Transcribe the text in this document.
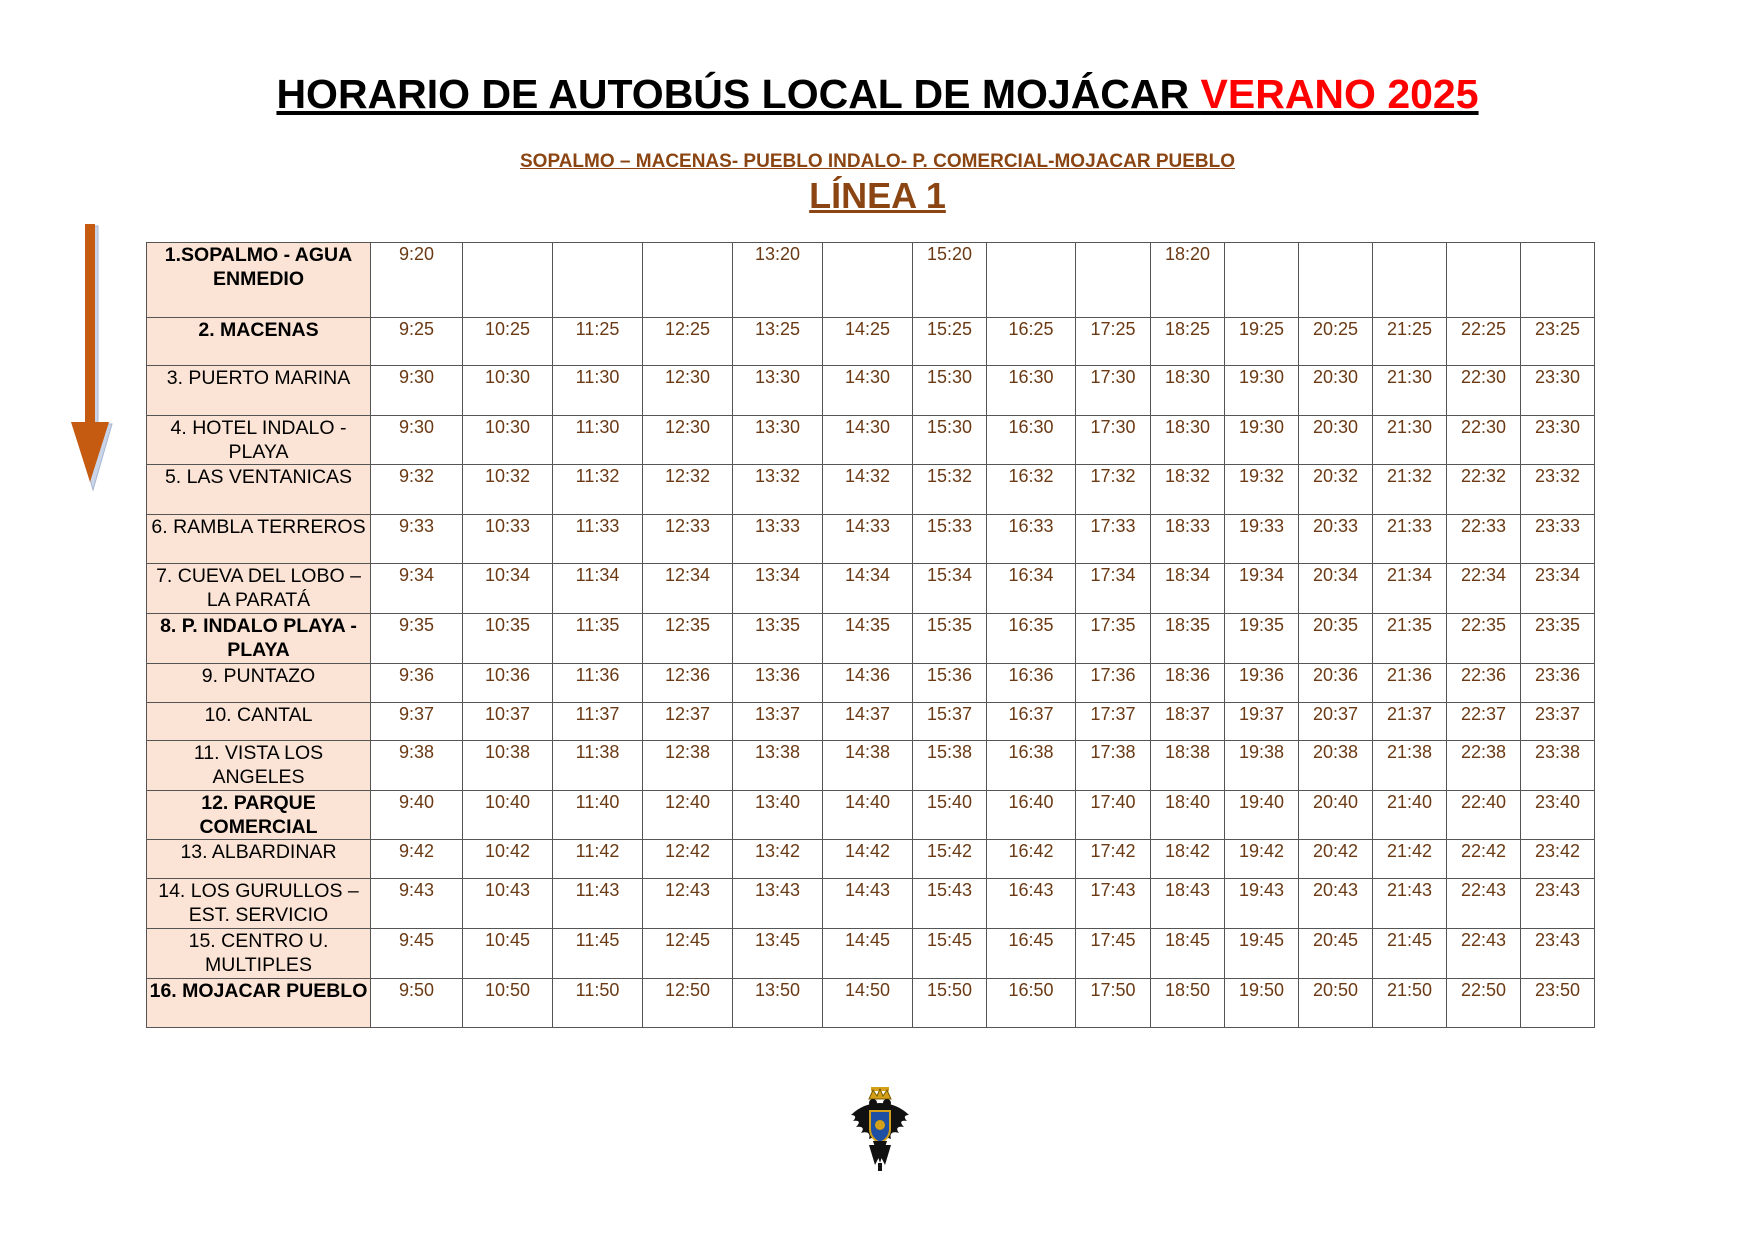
HORARIO DE AUTOBÚS LOCAL DE MOJÁCAR VERANO 2025
SOPALMO – MACENAS- PUEBLO INDALO- P. COMERCIAL-MOJACAR PUEBLO
LÍNEA 1
1.SOPALMO - AGUA ENMEDIO	9:20				13:20		15:20			18:20					
2. MACENAS	9:25	10:25	11:25	12:25	13:25	14:25	15:25	16:25	17:25	18:25	19:25	20:25	21:25	22:25	23:25
3. PUERTO MARINA	9:30	10:30	11:30	12:30	13:30	14:30	15:30	16:30	17:30	18:30	19:30	20:30	21:30	22:30	23:30
4. HOTEL INDALO - PLAYA	9:30	10:30	11:30	12:30	13:30	14:30	15:30	16:30	17:30	18:30	19:30	20:30	21:30	22:30	23:30
5. LAS VENTANICAS	9:32	10:32	11:32	12:32	13:32	14:32	15:32	16:32	17:32	18:32	19:32	20:32	21:32	22:32	23:32
6. RAMBLA TERREROS	9:33	10:33	11:33	12:33	13:33	14:33	15:33	16:33	17:33	18:33	19:33	20:33	21:33	22:33	23:33
7. CUEVA DEL LOBO – LA PARATÁ	9:34	10:34	11:34	12:34	13:34	14:34	15:34	16:34	17:34	18:34	19:34	20:34	21:34	22:34	23:34
8. P. INDALO PLAYA - PLAYA	9:35	10:35	11:35	12:35	13:35	14:35	15:35	16:35	17:35	18:35	19:35	20:35	21:35	22:35	23:35
9. PUNTAZO	9:36	10:36	11:36	12:36	13:36	14:36	15:36	16:36	17:36	18:36	19:36	20:36	21:36	22:36	23:36
10. CANTAL	9:37	10:37	11:37	12:37	13:37	14:37	15:37	16:37	17:37	18:37	19:37	20:37	21:37	22:37	23:37
11. VISTA LOS ANGELES	9:38	10:38	11:38	12:38	13:38	14:38	15:38	16:38	17:38	18:38	19:38	20:38	21:38	22:38	23:38
12. PARQUE COMERCIAL	9:40	10:40	11:40	12:40	13:40	14:40	15:40	16:40	17:40	18:40	19:40	20:40	21:40	22:40	23:40
13. ALBARDINAR	9:42	10:42	11:42	12:42	13:42	14:42	15:42	16:42	17:42	18:42	19:42	20:42	21:42	22:42	23:42
14. LOS GURULLOS – EST. SERVICIO	9:43	10:43	11:43	12:43	13:43	14:43	15:43	16:43	17:43	18:43	19:43	20:43	21:43	22:43	23:43
15. CENTRO U. MULTIPLES	9:45	10:45	11:45	12:45	13:45	14:45	15:45	16:45	17:45	18:45	19:45	20:45	21:45	22:43	23:43
16. MOJACAR PUEBLO	9:50	10:50	11:50	12:50	13:50	14:50	15:50	16:50	17:50	18:50	19:50	20:50	21:50	22:50	23:50
